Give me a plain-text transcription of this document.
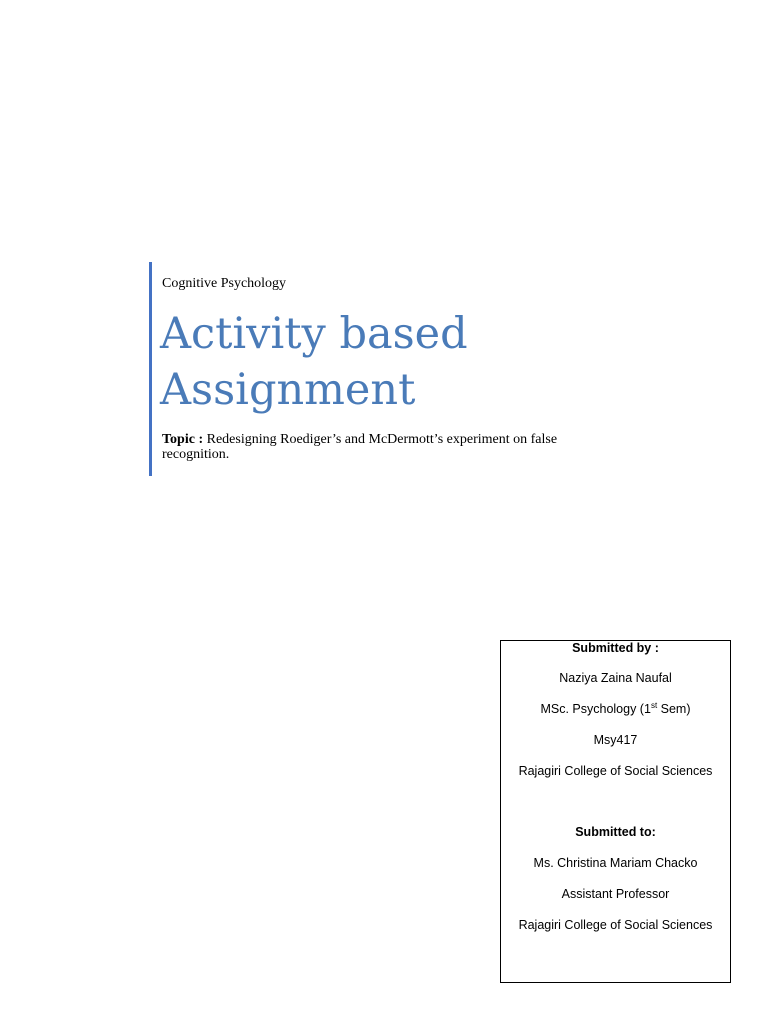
Cognitive Psychology
Activity based
Assignment
Topic : Redesigning Roediger’s and McDermott’s experiment on false recognition.
Submitted by :
Naziya Zaina Naufal
MSc. Psychology (1st Sem)
Msy417
Rajagiri College of Social Sciences
Submitted to:
Ms. Christina Mariam Chacko
Assistant Professor
Rajagiri College of Social Sciences
